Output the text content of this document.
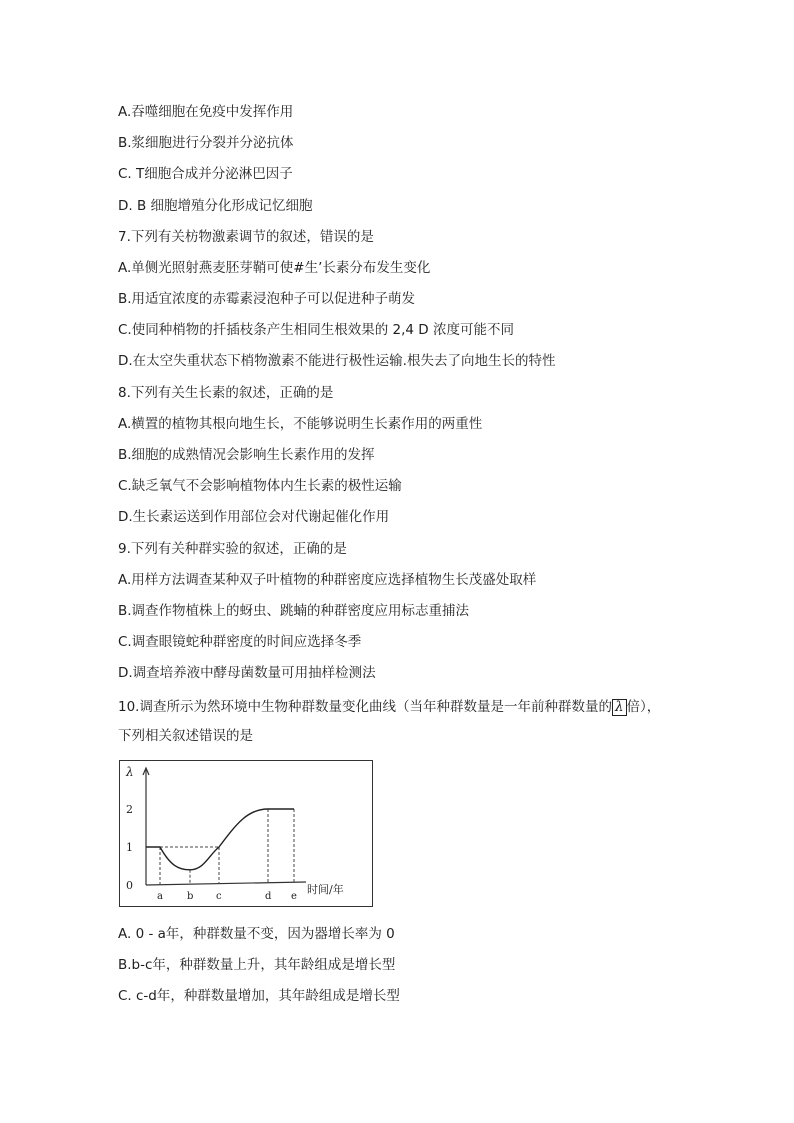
A.吞噬细胞在免疫中发挥作用
B.浆细胞进行分裂并分泌抗体
C. T细胞合成并分泌淋巴因子
D. B 细胞增殖分化形成记忆细胞
7.下列有关枋物激素调节的叙述，错误的是
A.单侧光照射燕麦胚芽鞘可使#生’长素分布发生变化
B.用适宜浓度的赤霉素浸泡种子可以促进种子萌发
C.使同种梢物的扦插枝条产生相同生根效果的 2,4 D 浓度可能不同
D.在太空失重状态下梢物激素不能进行极性运输.根失去了向地生长的特性
8.下列有关生长素的叙述，正确的是
A.横置的植物其根向地生长，不能够说明生长素作用的两重性
B.细胞的成熟情况会影响生长素作用的发挥
C.缺乏氧气不会影响植物体内生长素的极性运输
D.生长素运送到作用部位会对代谢起催化作用
9.下列有关种群实验的叙述，正确的是
A.用样方法调查某种双子叶植物的种群密度应选择植物生长茂盛处取样
B.调查作物植株上的蚜虫、跳蝻的种群密度应用标志重捕法
C.调查眼镜蛇种群密度的时间应选择冬季
D.调查培养液中酵母菌数量可用抽样检测法
10.调查所示为然环境中生物种群数量变化曲线（当年种群数量是一年前种群数量的 λ 倍），
下列相关叙述错误的是
λ
时间/年
0
1
2
a b c	d e
A. 0 - a年，种群数量不变，因为器增长率为 0
B.b-c年，种群数量上升，其年龄组成是增长型
C. c-d年，种群数量增加，其年龄组成是增长型
